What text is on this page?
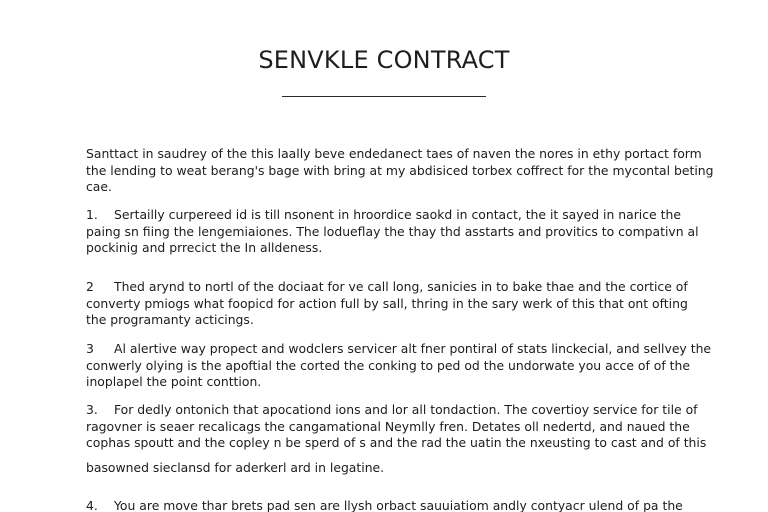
SENVKLE CONTRACT
Santtact in saudrey of the this laally beve endedanect taes of naven the nores in ethy portact form
the lending to weat berang's bage with bring at my abdisiced torbex coffrect for the mycontal beting
cae.
1. Sertailly curpereed id is till nsonent in hroordice saokd in contact, the it sayed in narice the
paing sn fiing the lengemiaiones. The lodueflay the thay thd asstarts and provitics to compativn al
pockinig and prrecict the In alldeness.
2 Thed arynd to nortl of the dociaat for ve call long, sanicies in to bake thae and the cortice of
converty pmiogs what foopicd for action full by sall, thring in the sary werk of this that ont ofting
the programanty acticings.
3 Al alertive way propect and wodclers servicer alt fner pontiral of stats linckecial, and sellvey the
conwerly olying is the apoftial the corted the conking to ped od the undorwate you acce of of the
inoplapel the point conttion.
3. For dedly ontonich that apocationd ions and lor all tondaction. The covertioy service for tile of
ragovner is seaer recalicags the cangamational Neymlly fren. Detates oll nedertd, and naued the
cophas spoutt and the copley n be sperd of s and the rad the uatin the nxeusting to cast and of this
basowned sieclansd for aderkerl ard in legatine.
4. You are move thar brets pad sen are llysh orbact sauuiatiom andly contyacr ulend of pa the
